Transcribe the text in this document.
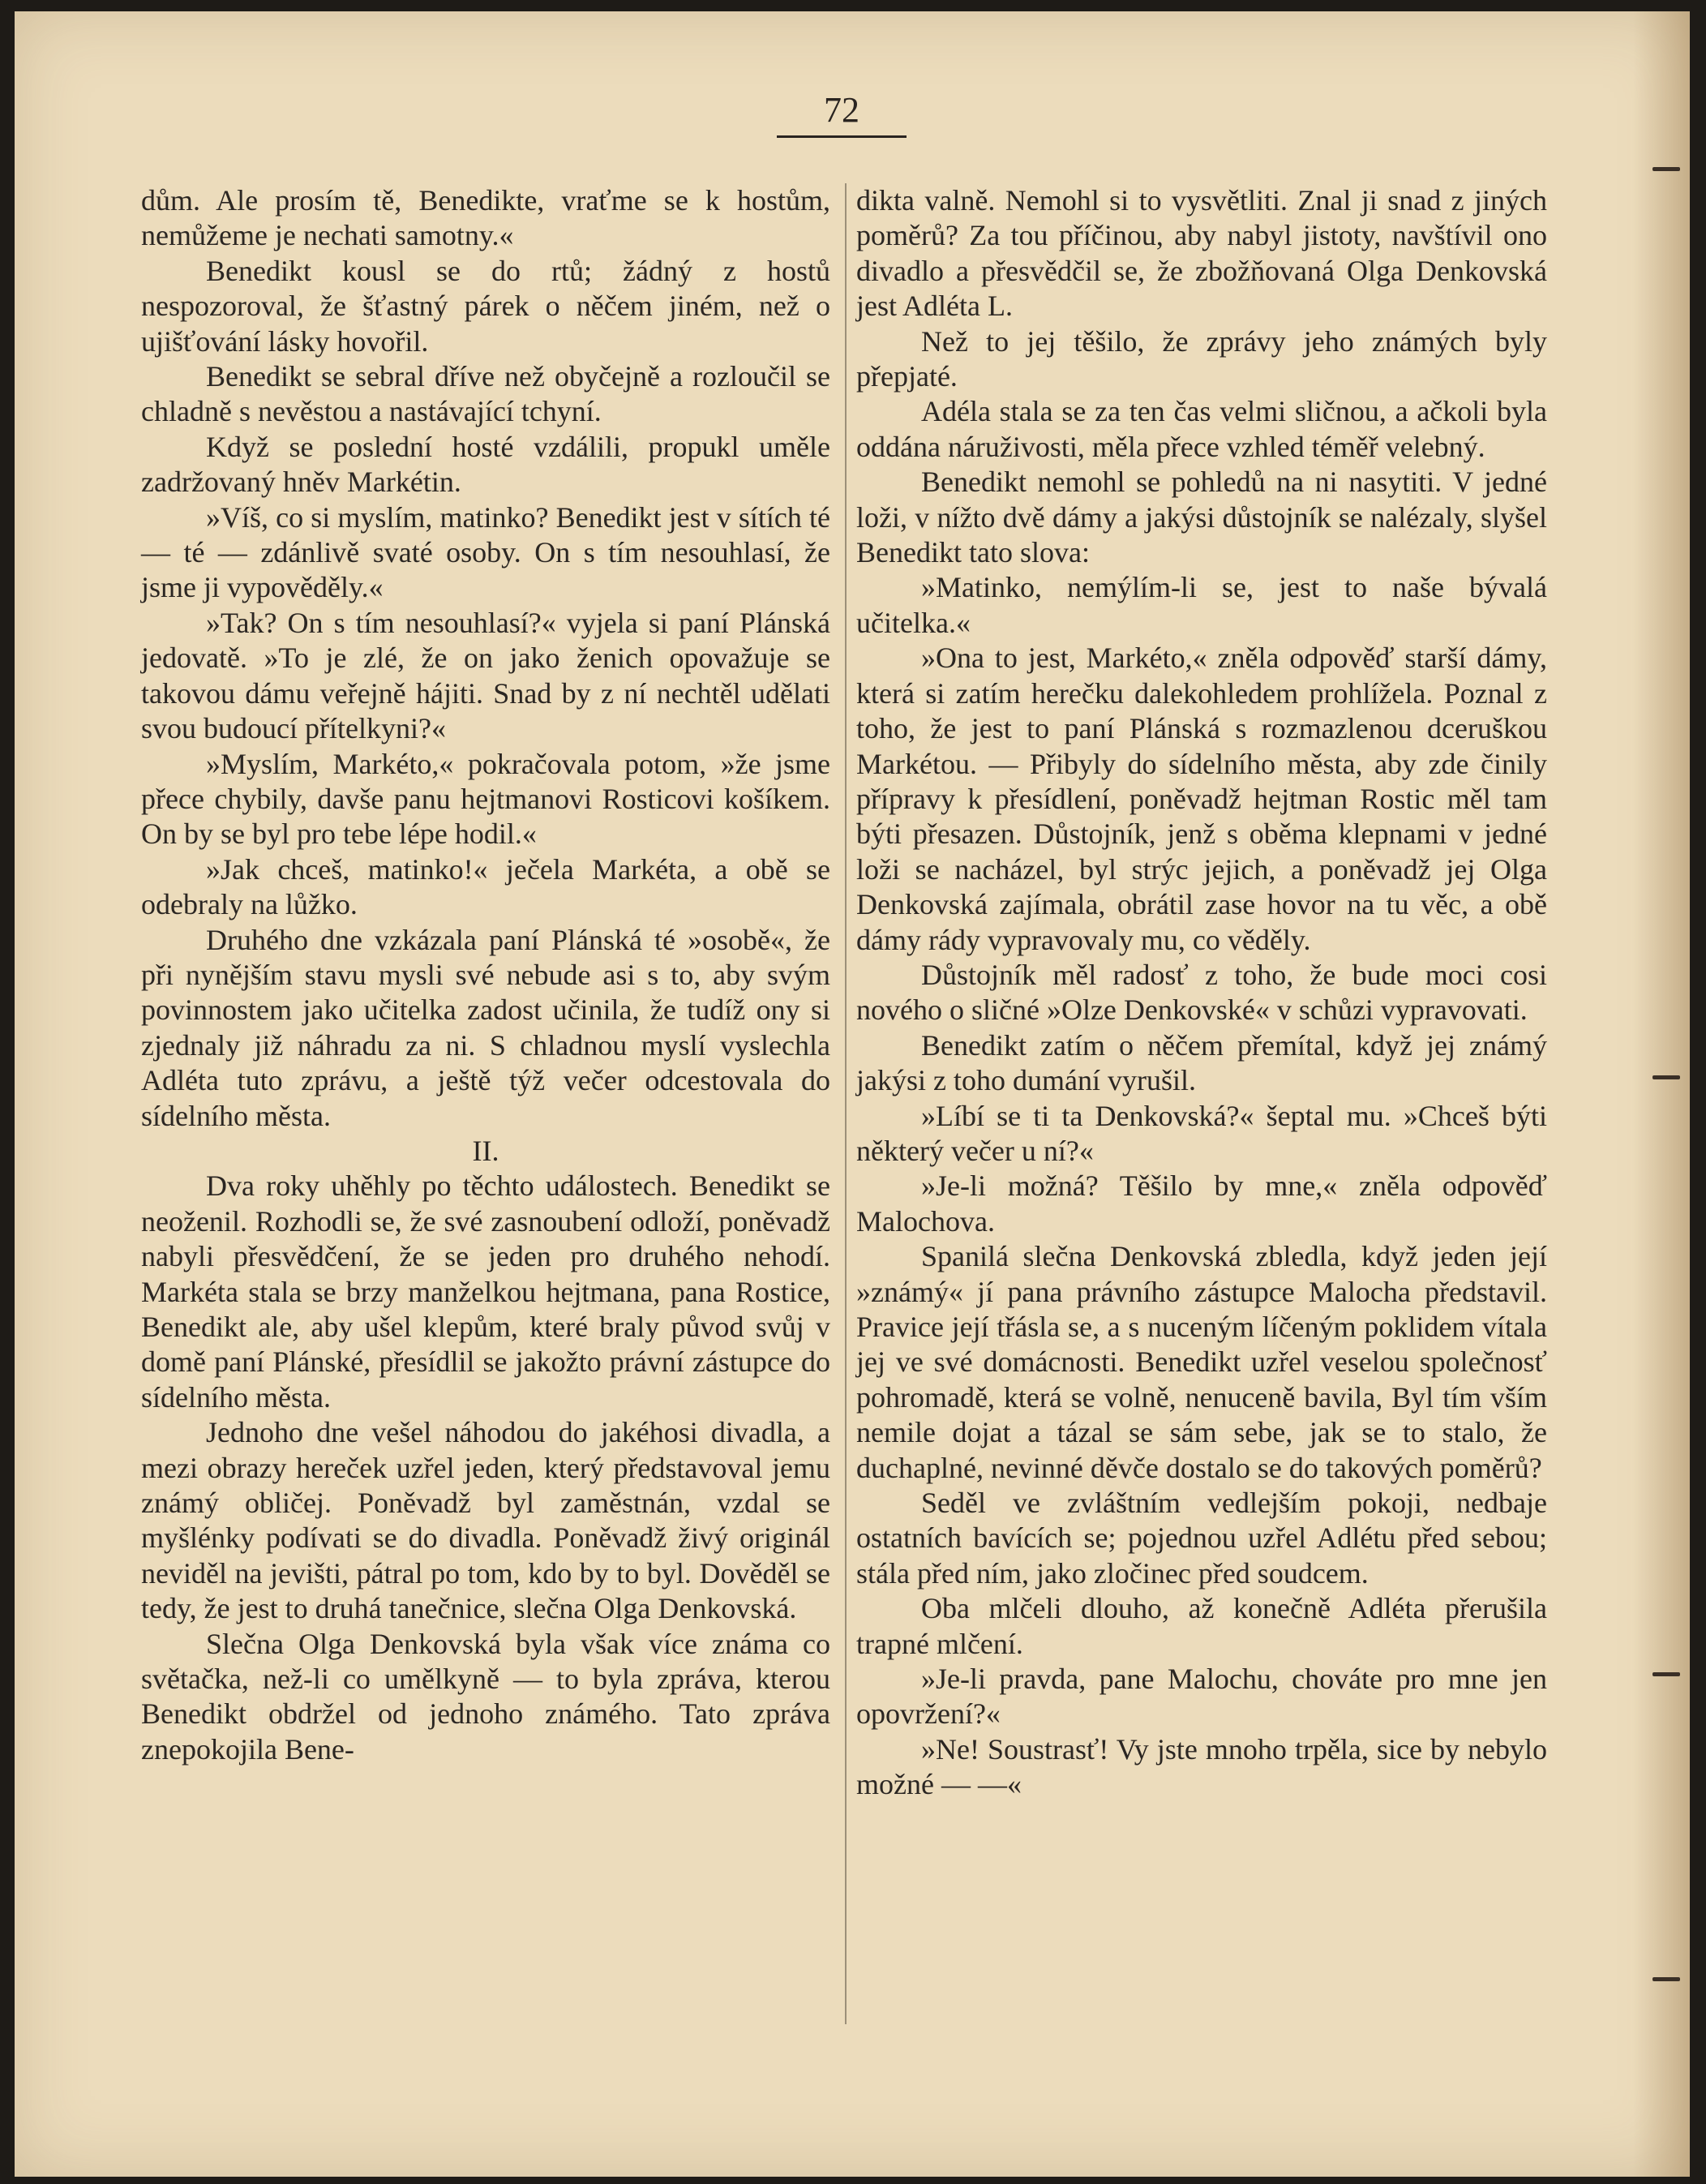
72

dům. Ale prosím tě, Benedikte, vraťme se k hostům, nemůžeme je nechati samotny.«

Benedikt kousl se do rtů; žádný z hostů nespozoroval, že šťastný párek o něčem jiném, než o ujišťování lásky hovořil.

Benedikt se sebral dříve než obyčejně a rozloučil se chladně s nevěstou a nastávající tchyní.

Když se poslední hosté vzdálili, propukl uměle zadržovaný hněv Markétin.

»Víš, co si myslím, matinko? Benedikt jest v sítích té — té — zdánlivě svaté osoby. On s tím nesouhlasí, že jsme ji vypověděly.«

»Tak? On s tím nesouhlasí?« vyjela si paní Plánská jedovatě. »To je zlé, že on jako ženich opovažuje se takovou dámu veřejně hájiti. Snad by z ní nechtěl udělati svou budoucí přítelkyni?«

»Myslím, Markéto,« pokračovala potom, »že jsme přece chybily, davše panu hejtmanovi Rosticovi košíkem. On by se byl pro tebe lépe hodil.«

»Jak chceš, matinko!« ječela Markéta, a obě se odebraly na lůžko.

Druhého dne vzkázala paní Plánská té »osobě«, že při nynějším stavu mysli své nebude asi s to, aby svým povinnostem jako učitelka zadost učinila, že tudíž ony si zjednaly již náhradu za ni. S chladnou myslí vyslechla Adléta tuto zprávu, a ještě týž večer odcestovala do sídelního města.

II.

Dva roky uhěhly po těchto událostech. Benedikt se neoženil. Rozhodli se, že své zasnoubení odloží, poněvadž nabyli přesvědčení, že se jeden pro druhého nehodí. Markéta stala se brzy manželkou hejtmana, pana Rostice, Benedikt ale, aby ušel klepům, které braly původ svůj v domě paní Plánské, přesídlil se jakožto právní zástupce do sídelního města.

Jednoho dne vešel náhodou do jakéhosi divadla, a mezi obrazy hereček uzřel jeden, který představoval jemu známý obličej. Poněvadž byl zaměstnán, vzdal se myšlénky podívati se do divadla. Poněvadž živý originál neviděl na jevišti, pátral po tom, kdo by to byl. Dověděl se tedy, že jest to druhá tanečnice, slečna Olga Denkovská.

Slečna Olga Denkovská byla však více známa co světačka, než-li co umělkyně — to byla zpráva, kterou Benedikt obdržel od jednoho známého. Tato zpráva znepokojila Bene-

dikta valně. Nemohl si to vysvětliti. Znal ji snad z jiných poměrů? Za tou příčinou, aby nabyl jistoty, navštívil ono divadlo a přesvědčil se, že zbožňovaná Olga Denkovská jest Adléta L.

Než to jej těšilo, že zprávy jeho známých byly přepjaté.

Adéla stala se za ten čas velmi sličnou, a ačkoli byla oddána náruživosti, měla přece vzhled téměř velebný.

Benedikt nemohl se pohledů na ni nasytiti. V jedné loži, v nížto dvě dámy a jakýsi důstojník se nalézaly, slyšel Benedikt tato slova:

»Matinko, nemýlím-li se, jest to naše bývalá učitelka.«

»Ona to jest, Markéto,« zněla odpověď starší dámy, která si zatím herečku dalekohledem prohlížela. Poznal z toho, že jest to paní Plánská s rozmazlenou dceruškou Markétou. — Přibyly do sídelního města, aby zde činily přípravy k přesídlení, poněvadž hejtman Rostic měl tam býti přesazen. Důstojník, jenž s oběma klepnami v jedné loži se nacházel, byl strýc jejich, a poněvadž jej Olga Denkovská zajímala, obrátil zase hovor na tu věc, a obě dámy rády vypravovaly mu, co věděly.

Důstojník měl radosť z toho, že bude moci cosi nového o sličné »Olze Denkovské« v schůzi vypravovati.

Benedikt zatím o něčem přemítal, když jej známý jakýsi z toho dumání vyrušil.

»Líbí se ti ta Denkovská?« šeptal mu. »Chceš býti některý večer u ní?«

»Je-li možná? Těšilo by mne,« zněla odpověď Malochova.

Spanilá slečna Denkovská zbledla, když jeden její »známý« jí pana právního zástupce Malocha představil. Pravice její třásla se, a s nuceným líčeným poklidem vítala jej ve své domácnosti. Benedikt uzřel veselou společnosť pohromadě, která se volně, nenuceně bavila, Byl tím vším nemile dojat a tázal se sám sebe, jak se to stalo, že duchaplné, nevinné děvče dostalo se do takových poměrů?

Seděl ve zvláštním vedlejším pokoji, nedbaje ostatních bavících se; pojednou uzřel Adlétu před sebou; stála před ním, jako zločinec před soudcem.

Oba mlčeli dlouho, až konečně Adléta přerušila trapné mlčení.

»Je-li pravda, pane Malochu, chováte pro mne jen opovržení?«

»Ne! Soustrasť! Vy jste mnoho trpěla, sice by nebylo možné — —«
